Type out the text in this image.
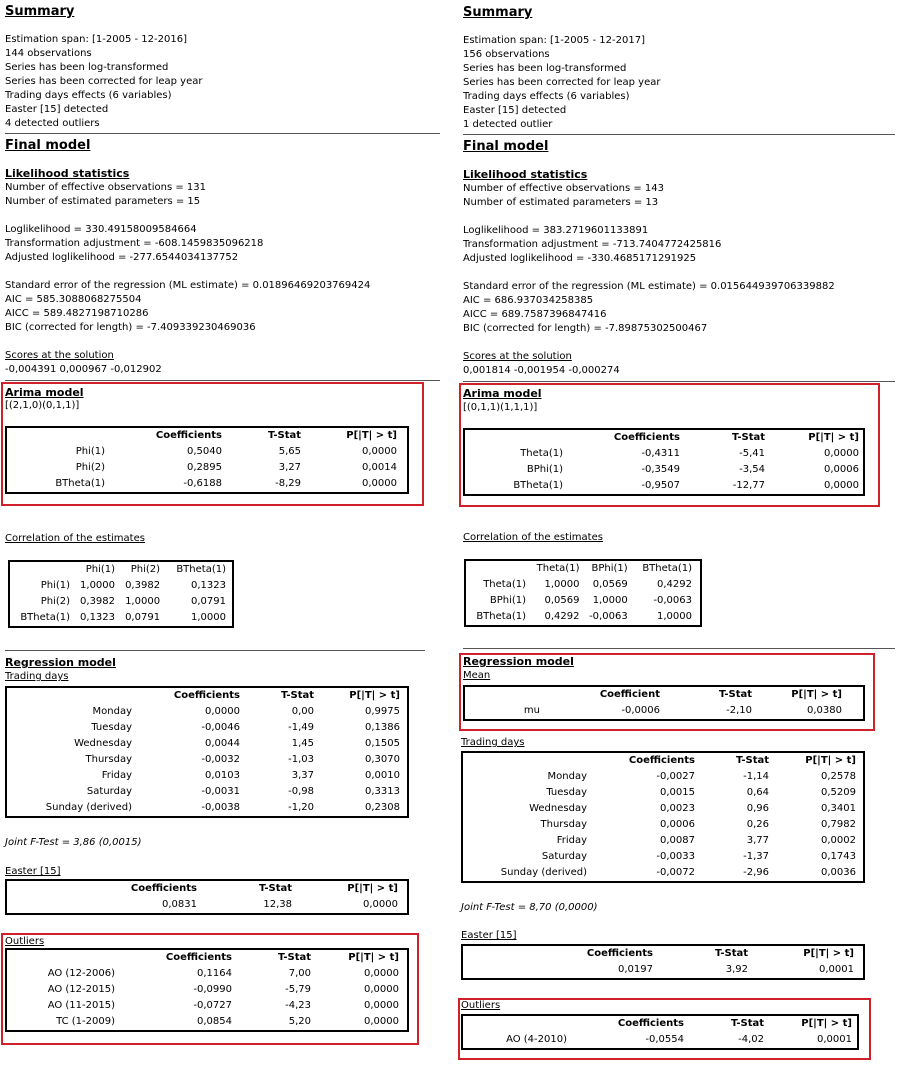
Summary
Estimation span: [1-2005 - 12-2016]
144 observations
Series has been log-transformed
Series has been corrected for leap year
Trading days effects (6 variables)
Easter [15] detected
4 detected outliers
Final model
Likelihood statistics
Number of effective observations = 131
Number of estimated parameters = 15
Loglikelihood = 330.49158009584664
Transformation adjustment = -608.1459835096218
Adjusted loglikelihood = -277.6544034137752
Standard error of the regression (ML estimate) = 0.01896469203769424
AIC = 585.3088068275504
AICC = 589.4827198710286
BIC (corrected for length) = -7.409339230469036
Scores at the solution
-0,004391 0,000967 -0,012902
Arima model
[(2,1,0)(0,1,1)]
	Coefficients	T-Stat	P[|T| > t]	
Phi(1)	0,5040	5,65	0,0000	
Phi(2)	0,2895	3,27	0,0014	
BTheta(1)	-0,6188	-8,29	0,0000	
Correlation of the estimates
	Phi(1)	Phi(2)	BTheta(1)
Phi(1)	1,0000	0,3982	0,1323
Phi(2)	0,3982	1,0000	0,0791
BTheta(1)	0,1323	0,0791	1,0000
Regression model
Trading days
	Coefficients	T-Stat	P[|T| > t]	
Monday	0,0000	0,00	0,9975	
Tuesday	-0,0046	-1,49	0,1386	
Wednesday	0,0044	1,45	0,1505	
Thursday	-0,0032	-1,03	0,3070	
Friday	0,0103	3,37	0,0010	
Saturday	-0,0031	-0,98	0,3313	
Sunday (derived)	-0,0038	-1,20	0,2308	
Joint F-Test = 3,86 (0,0015)
Easter [15]
Coefficients	T-Stat	P[|T| > t]	
0,0831	12,38	0,0000	
Outliers
	Coefficients	T-Stat	P[|T| > t]	
AO (12-2006)	0,1164	7,00	0,0000	
AO (12-2015)	-0,0990	-5,79	0,0000	
AO (11-2015)	-0,0727	-4,23	0,0000	
TC (1-2009)	0,0854	5,20	0,0000	
Summary
Estimation span: [1-2005 - 12-2017]
156 observations
Series has been log-transformed
Series has been corrected for leap year
Trading days effects (6 variables)
Easter [15] detected
1 detected outlier
Final model
Likelihood statistics
Number of effective observations = 143
Number of estimated parameters = 13
Loglikelihood = 383.2719601133891
Transformation adjustment = -713.7404772425816
Adjusted loglikelihood = -330.4685171291925
Standard error of the regression (ML estimate) = 0.015644939706339882
AIC = 686.937034258385
AICC = 689.7587396847416
BIC (corrected for length) = -7.89875302500467
Scores at the solution
0,001814 -0,001954 -0,000274
Arima model
[(0,1,1)(1,1,1)]
	Coefficients	T-Stat	P[|T| > t]	
Theta(1)	-0,4311	-5,41	0,0000	
BPhi(1)	-0,3549	-3,54	0,0006	
BTheta(1)	-0,9507	-12,77	0,0000	
Correlation of the estimates
	Theta(1)	BPhi(1)	BTheta(1)
Theta(1)	1,0000	0,0569	0,4292
BPhi(1)	0,0569	1,0000	-0,0063
BTheta(1)	0,4292	-0,0063	1,0000
Regression model
Mean
	Coefficient	T-Stat	P[|T| > t]	
mu	-0,0006	-2,10	0,0380	
Trading days
	Coefficients	T-Stat	P[|T| > t]	
Monday	-0,0027	-1,14	0,2578	
Tuesday	0,0015	0,64	0,5209	
Wednesday	0,0023	0,96	0,3401	
Thursday	0,0006	0,26	0,7982	
Friday	0,0087	3,77	0,0002	
Saturday	-0,0033	-1,37	0,1743	
Sunday (derived)	-0,0072	-2,96	0,0036	
Joint F-Test = 8,70 (0,0000)
Easter [15]
Coefficients	T-Stat	P[|T| > t]	
0,0197	3,92	0,0001	
Outliers
	Coefficients	T-Stat	P[|T| > t]	
AO (4-2010)	-0,0554	-4,02	0,0001	
